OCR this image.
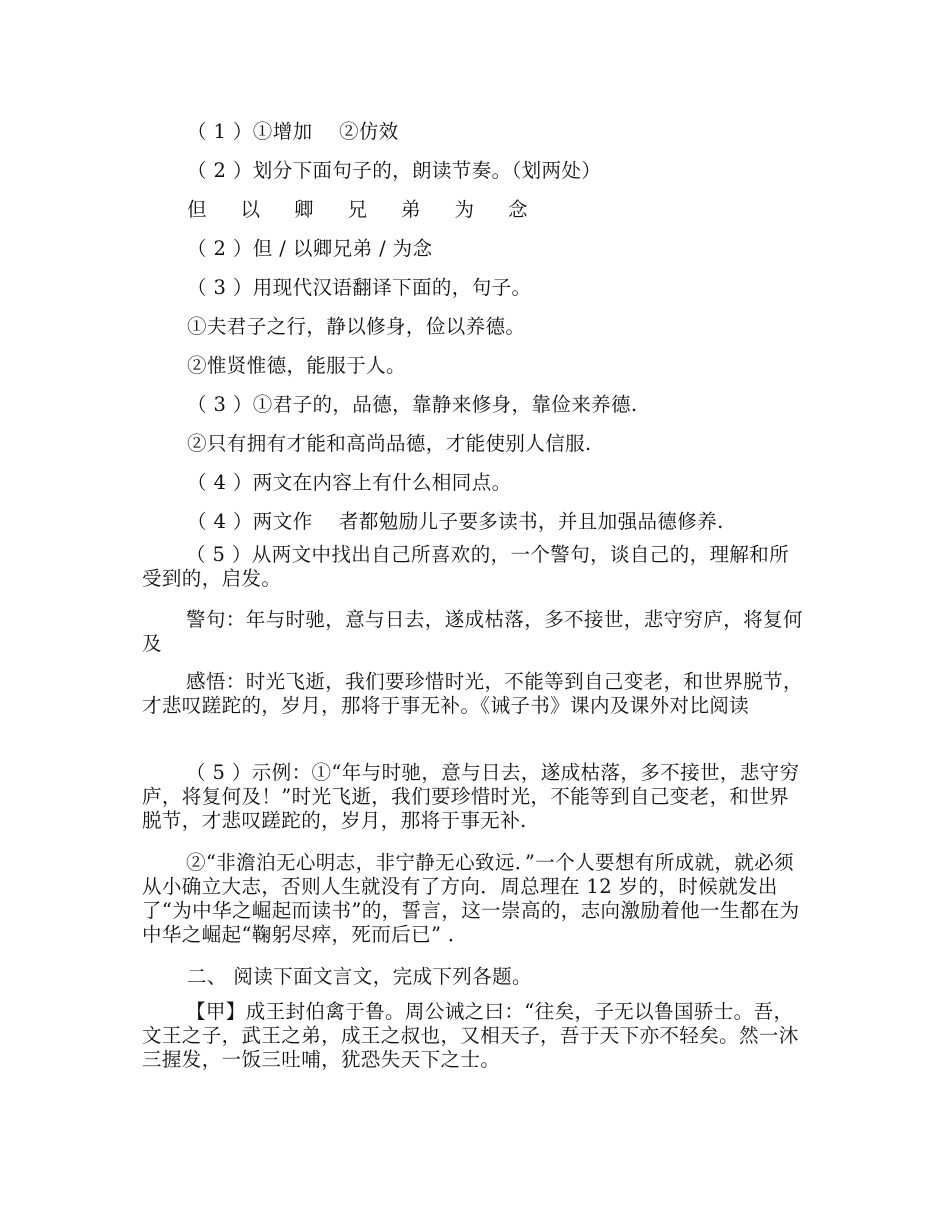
（ 1 ）①增加　 ②仿效
（ 2 ）划分下面句子的，朗读节奏。（划两处）
但以卿兄弟为念
（ 2 ）但 / 以卿兄弟 / 为念
（ 3 ）用现代汉语翻译下面的，句子。
①夫君子之行，静以修身，俭以养德。
②惟贤惟德，能服于人。
（ 3 ）①君子的，品德，靠静来修身，靠俭来养德.
②只有拥有才能和高尚品德，才能使别人信服.
（ 4 ）两文在内容上有什么相同点。
（ 4 ）两文作　 者都勉励儿子要多读书，并且加强品德修养.
（ 5 ）从两文中找出自己所喜欢的，一个警句，谈自己的，理解和所受到的，启发。
警句：年与时驰，意与日去，遂成枯落，多不接世，悲守穷庐，将复何及
感悟：时光飞逝，我们要珍惜时光，不能等到自己变老，和世界脱节，才悲叹蹉跎的，岁月，那将于事无补。《诫子书》课内及课外对比阅读
（ 5 ）示例：①“年与时驰，意与日去，遂成枯落，多不接世，悲守穷庐，将复何及！”时光飞逝，我们要珍惜时光，不能等到自己变老，和世界脱节，才悲叹蹉跎的，岁月，那将于事无补.
②“非澹泊无心明志，非宁静无心致远．”一个人要想有所成就，就必须从小确立大志，否则人生就没有了方向．周总理在 12 岁的，时候就发出了“为中华之崛起而读书”的，誓言，这一崇高的，志向激励着他一生都在为中华之崛起“鞠躬尽瘁，死而后已” ．
二、 阅读下面文言文，完成下列各题。
【甲】成王封伯禽于鲁。周公诫之曰：“往矣，子无以鲁国骄士。吾，文王之子，武王之弟，成王之叔也，又相天子，吾于天下亦不轻矣。然一沐三握发，一饭三吐哺，犹恐失天下之士。
